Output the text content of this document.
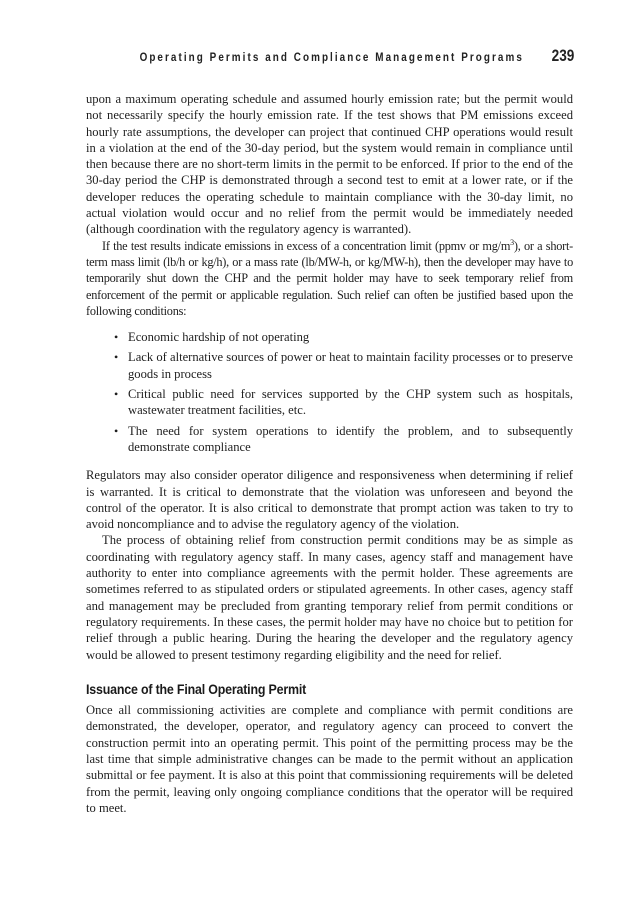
Operating Permits and Compliance Management Programs 239

upon a maximum operating schedule and assumed hourly emission rate; but the permit would not necessarily specify the hourly emission rate. If the test shows that PM emissions exceed hourly rate assumptions, the developer can project that continued CHP operations would result in a violation at the end of the 30-day period, but the system would remain in compliance until then because there are no short-term limits in the permit to be enforced. If prior to the end of the 30-day period the CHP is demonstrated through a second test to emit at a lower rate, or if the developer reduces the operating schedule to maintain compliance with the 30-day limit, no actual violation would occur and no relief from the permit would be immediately needed (although coordination with the regulatory agency is warranted).

If the test results indicate emissions in excess of a concentration limit (ppmv or $mg/m^3$), or a short-term mass limit (lb/h or kg/h), or a mass rate (lb/MW-h, or kg/MW-h), then the developer may have to temporarily shut down the CHP and the permit holder may have to seek temporary relief from enforcement of the permit or applicable regulation. Such relief can often be justified based upon the following conditions:

• Economic hardship of not operating
• Lack of alternative sources of power or heat to maintain facility processes or to preserve goods in process
• Critical public need for services supported by the CHP system such as hospitals, wastewater treatment facilities, etc.
• The need for system operations to identify the problem, and to subsequently demonstrate compliance

Regulators may also consider operator diligence and responsiveness when determining if relief is warranted. It is critical to demonstrate that the violation was unforeseen and beyond the control of the operator. It is also critical to demonstrate that prompt action was taken to try to avoid noncompliance and to advise the regulatory agency of the violation.

The process of obtaining relief from construction permit conditions may be as simple as coordinating with regulatory agency staff. In many cases, agency staff and management have authority to enter into compliance agreements with the permit holder. These agreements are sometimes referred to as stipulated orders or stipulated agreements. In other cases, agency staff and management may be precluded from granting temporary relief from permit conditions or regulatory requirements. In these cases, the permit holder may have no choice but to petition for relief through a public hearing. During the hearing the developer and the regulatory agency would be allowed to present testimony regarding eligibility and the need for relief.

Issuance of the Final Operating Permit

Once all commissioning activities are complete and compliance with permit conditions are demonstrated, the developer, operator, and regulatory agency can proceed to convert the construction permit into an operating permit. This point of the permitting process may be the last time that simple administrative changes can be made to the permit without an application submittal or fee payment. It is also at this point that commissioning requirements will be deleted from the permit, leaving only ongoing compliance conditions that the operator will be required to meet.
